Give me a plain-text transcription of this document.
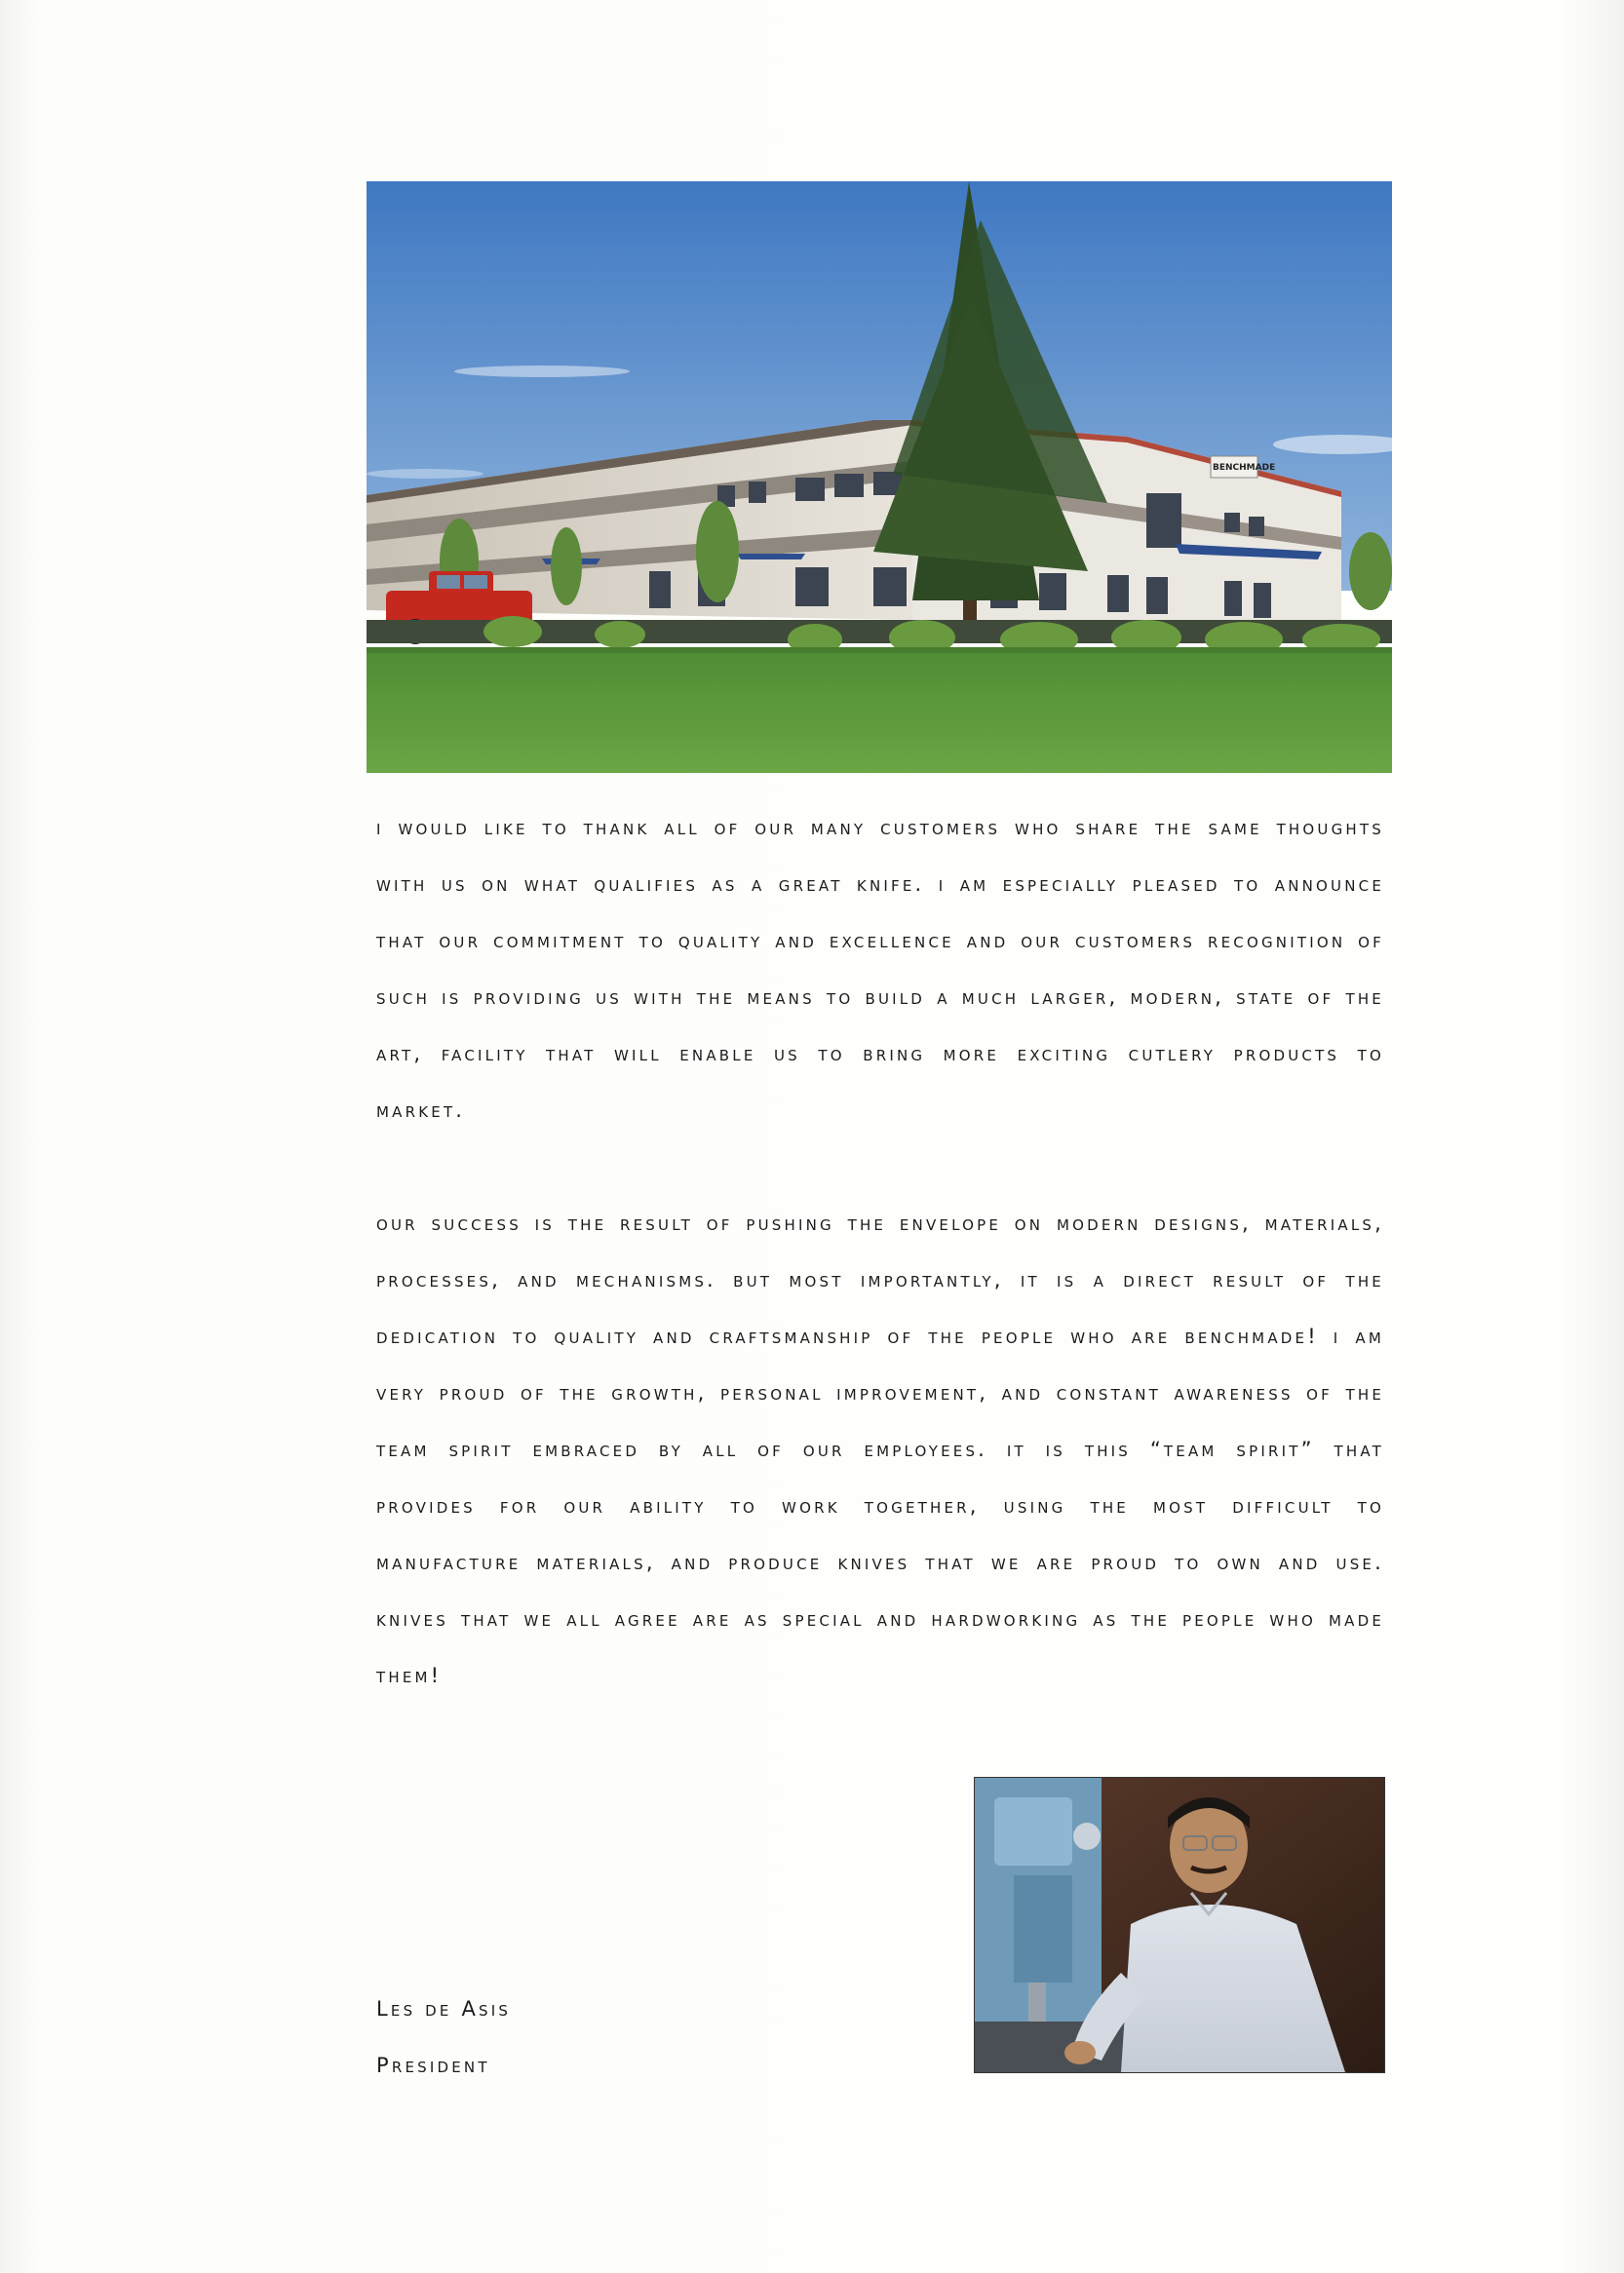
BENCHMADE

i would like to thank all of our many customers who share the same thoughts with us on what qualifies as a great knife. i am especially pleased to announce that our commitment to quality and excellence and our customers recognition of such is providing us with the means to build a much larger, modern, state of the art, facility that will enable us to bring more exciting cutlery products to market.

our success is the result of pushing the envelope on modern designs, materials, processes, and mechanisms. but most importantly, it is a direct result of the dedication to quality and craftsmanship of the people who are benchmade! i am very proud of the growth, personal improvement, and constant awareness of the team spirit embraced by all of our employees. it is this “team spirit” that provides for our ability to work together, using the most difficult to manufacture materials, and produce knives that we are proud to own and use. knives that we all agree are as special and hardworking as the people who made them!

Les de Asis
President
